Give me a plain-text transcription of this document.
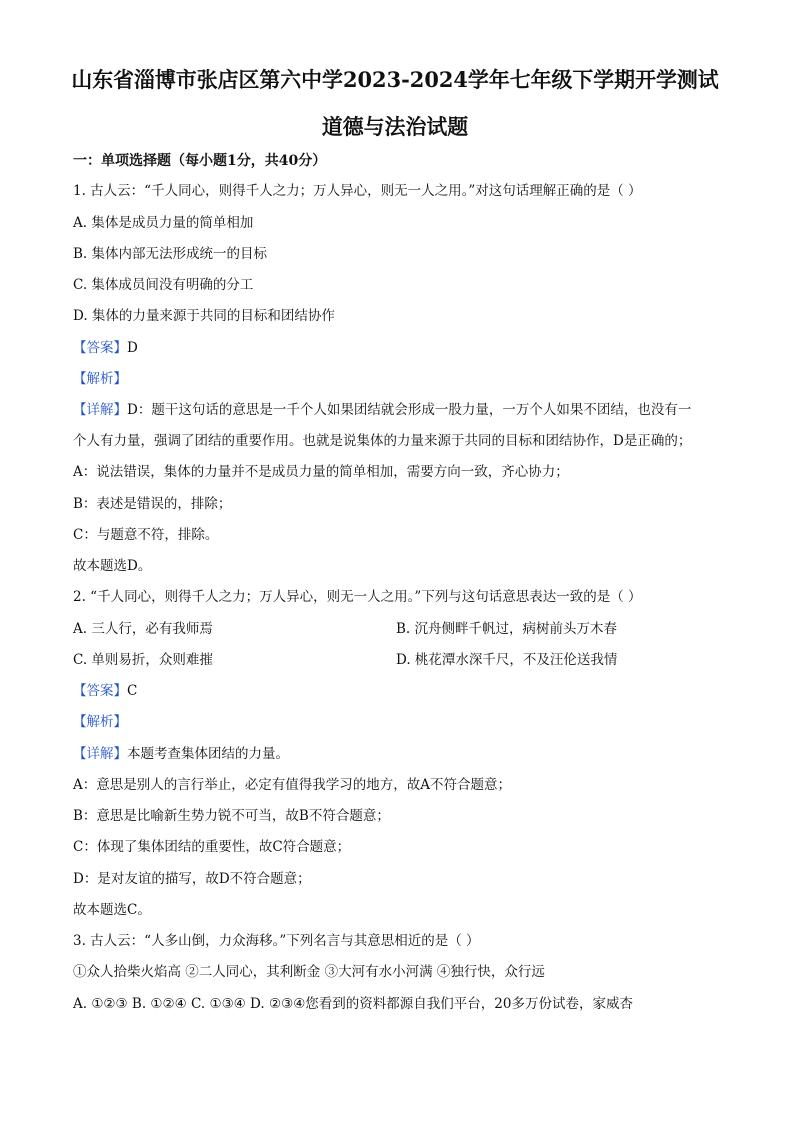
山东省淄博市张店区第六中学2023-2024学年七年级下学期开学测试
道德与法治试题
一：单项选择题（每小题1分，共40分）
1. 古人云：“千人同心，则得千人之力；万人异心，则无一人之用。”对这句话理解正确的是（ ）
A. 集体是成员力量的简单相加
B. 集体内部无法形成统一的目标
C. 集体成员间没有明确的分工
D. 集体的力量来源于共同的目标和团结协作
【答案】D
【解析】
【详解】D：题干这句话的意思是一千个人如果团结就会形成一股力量，一万个人如果不团结，也没有一
个人有力量，强调了团结的重要作用。也就是说集体的力量来源于共同的目标和团结协作，D是正确的；
A：说法错误，集体的力量并不是成员力量的简单相加，需要方向一致，齐心协力；
B：表述是错误的，排除；
C：与题意不符，排除。
故本题选D。
2. “千人同心，则得千人之力；万人异心，则无一人之用。”下列与这句话意思表达一致的是（ ）
A. 三人行，必有我师焉	B. 沉舟侧畔千帆过，病树前头万木春
C. 单则易折，众则难摧	D. 桃花潭水深千尺，不及汪伦送我情
【答案】C
【解析】
【详解】本题考查集体团结的力量。
A：意思是别人的言行举止，必定有值得我学习的地方，故A不符合题意；
B：意思是比喻新生势力锐不可当，故B不符合题意；
C：体现了集体团结的重要性，故C符合题意；
D：是对友谊的描写，故D不符合题意；
故本题选C。
3. 古人云：“人多山倒，力众海移。”下列名言与其意思相近的是（ ）
①众人拾柴火焰高 ②二人同心，其利断金 ③大河有水小河满 ④独行快，众行远
A. ①②③ B. ①②④ C. ①③④ D. ②③④您看到的资料都源自我们平台，20多万份试卷，家威杏
